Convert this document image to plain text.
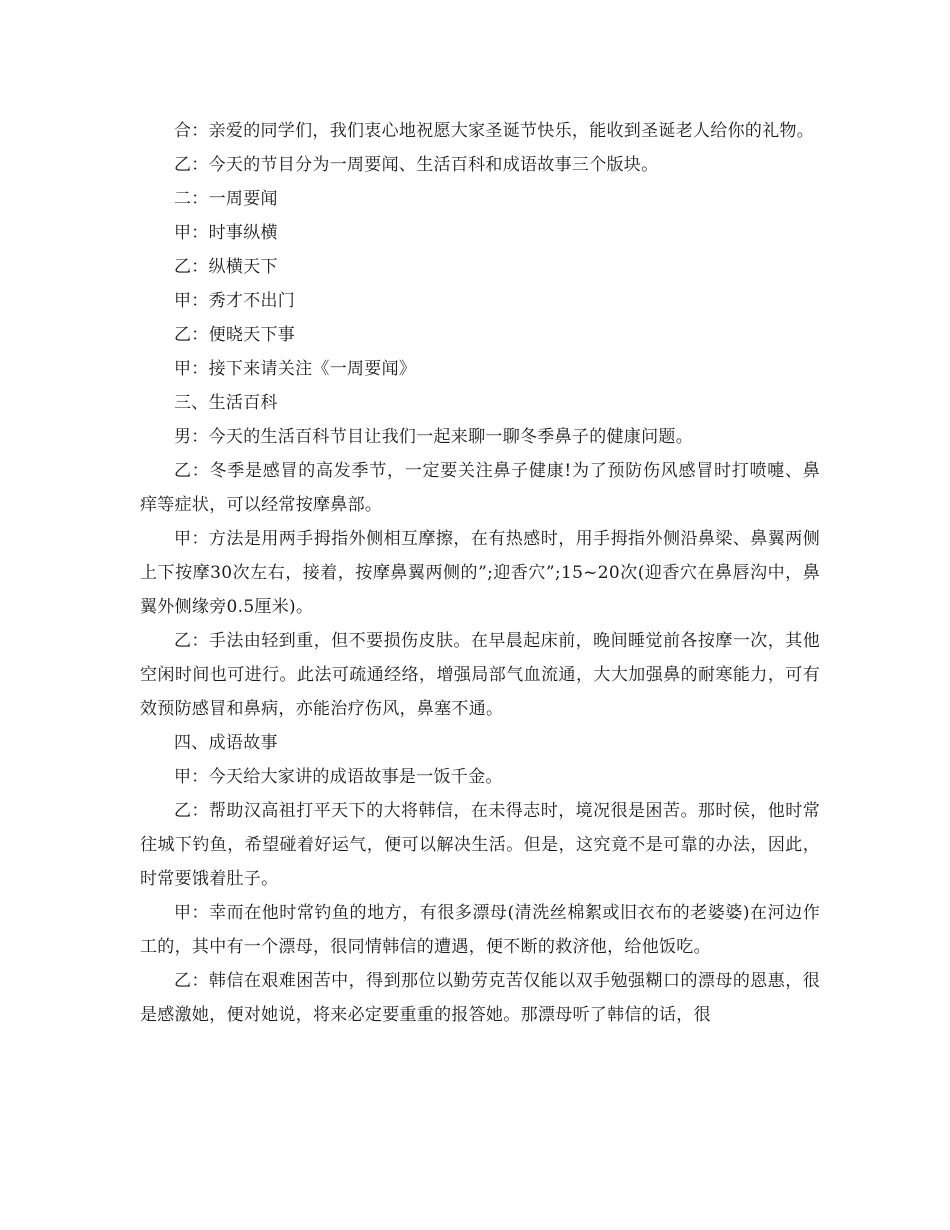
合：亲爱的同学们，我们衷心地祝愿大家圣诞节快乐，能收到圣诞老人给你的礼物。

乙：今天的节目分为一周要闻、生活百科和成语故事三个版块。

二：一周要闻

甲：时事纵横

乙：纵横天下

甲：秀才不出门

乙：便晓天下事

甲：接下来请关注《一周要闻》

三、生活百科

男：今天的生活百科节目让我们一起来聊一聊冬季鼻子的健康问题。

乙：冬季是感冒的高发季节，一定要关注鼻子健康!为了预防伤风感冒时打喷嚏、鼻痒等症状，可以经常按摩鼻部。

甲：方法是用两手拇指外侧相互摩擦，在有热感时，用手拇指外侧沿鼻梁、鼻翼两侧上下按摩30次左右，接着，按摩鼻翼两侧的”;迎香穴”;15~20次(迎香穴在鼻唇沟中，鼻翼外侧缘旁0.5厘米)。

乙：手法由轻到重，但不要损伤皮肤。在早晨起床前，晚间睡觉前各按摩一次，其他空闲时间也可进行。此法可疏通经络，增强局部气血流通，大大加强鼻的耐寒能力，可有效预防感冒和鼻病，亦能治疗伤风，鼻塞不通。

四、成语故事

甲：今天给大家讲的成语故事是一饭千金。

乙：帮助汉高祖打平天下的大将韩信，在未得志时，境况很是困苦。那时侯，他时常往城下钓鱼，希望碰着好运气，便可以解决生活。但是，这究竟不是可靠的办法，因此，时常要饿着肚子。

甲：幸而在他时常钓鱼的地方，有很多漂母(清洗丝棉絮或旧衣布的老婆婆)在河边作工的，其中有一个漂母，很同情韩信的遭遇，便不断的救济他，给他饭吃。

乙：韩信在艰难困苦中，得到那位以勤劳克苦仅能以双手勉强糊口的漂母的恩惠，很是感激她，便对她说，将来必定要重重的报答她。那漂母听了韩信的话，很
